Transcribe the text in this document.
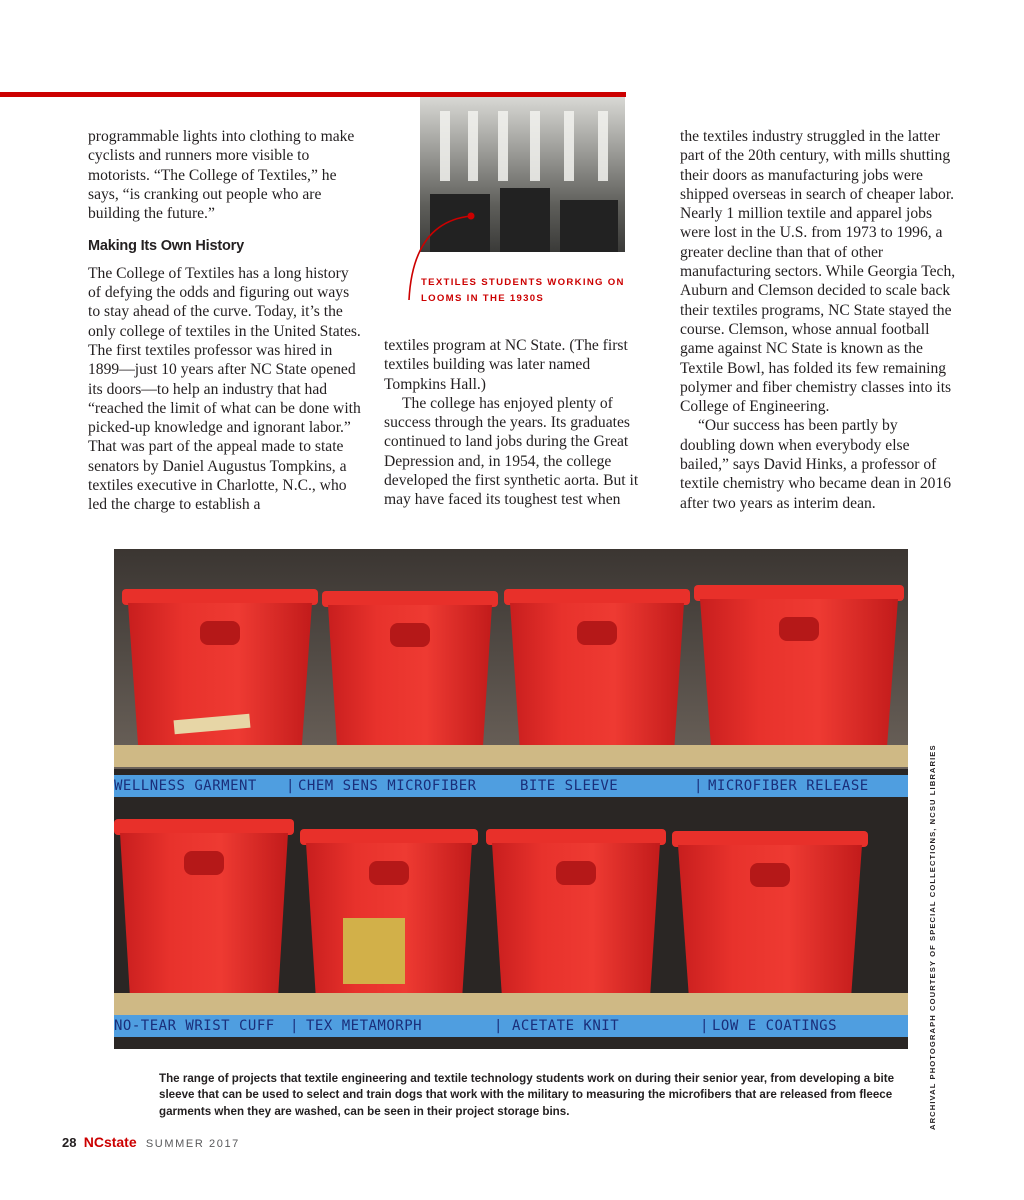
programmable lights into clothing to make cyclists and runners more visible to motorists. “The College of Textiles,” he says, “is cranking out people who are building the future.”

Making Its Own History

The College of Textiles has a long history of defying the odds and figuring out ways to stay ahead of the curve. Today, it’s the only college of textiles in the United States. The first textiles professor was hired in 1899—just 10 years after NC State opened its doors—to help an industry that had “reached the limit of what can be done with picked-up knowledge and ignorant labor.” That was part of the appeal made to state senators by Daniel Augustus Tompkins, a textiles executive in Charlotte, N.C., who led the charge to establish a

TEXTILES STUDENTS WORKING ON LOOMS IN THE 1930S

textiles program at NC State. (The first textiles building was later named Tompkins Hall.)

The college has enjoyed plenty of success through the years. Its graduates continued to land jobs during the Great Depression and, in 1954, the college developed the first synthetic aorta. But it may have faced its toughest test when

the textiles industry struggled in the latter part of the 20th century, with mills shutting their doors as manufacturing jobs were shipped overseas in search of cheaper labor. Nearly 1 million textile and apparel jobs were lost in the U.S. from 1973 to 1996, a greater decline than that of other manufacturing sectors. While Georgia Tech, Auburn and Clemson decided to scale back their textiles programs, NC State stayed the course. Clemson, whose annual football game against NC State is known as the Textile Bowl, has folded its few remaining polymer and fiber chemistry classes into its College of Engineering.

“Our success has been partly by doubling down when everybody else bailed,” says David Hinks, a professor of textile chemistry who became dean in 2016 after two years as interim dean.

WELLNESS GARMENT | CHEM SENS MICROFIBER	BITE SLEEVE	| MICROFIBER RELEASE
NO-TEAR WRIST CUFF | TEX METAMORPH	| ACETATE KNIT	| LOW E COATINGS
The range of projects that textile engineering and textile technology students work on during their senior year, from developing a bite sleeve that can be used to select and train dogs that work with the military to measuring the microfibers that are released from fleece garments when they are washed, can be seen in their project storage bins.	ARCHIVAL PHOTOGRAPH COURTESY OF SPECIAL COLLECTIONS, NCSU LIBRARIES
28 NCstate SUMMER 2017
